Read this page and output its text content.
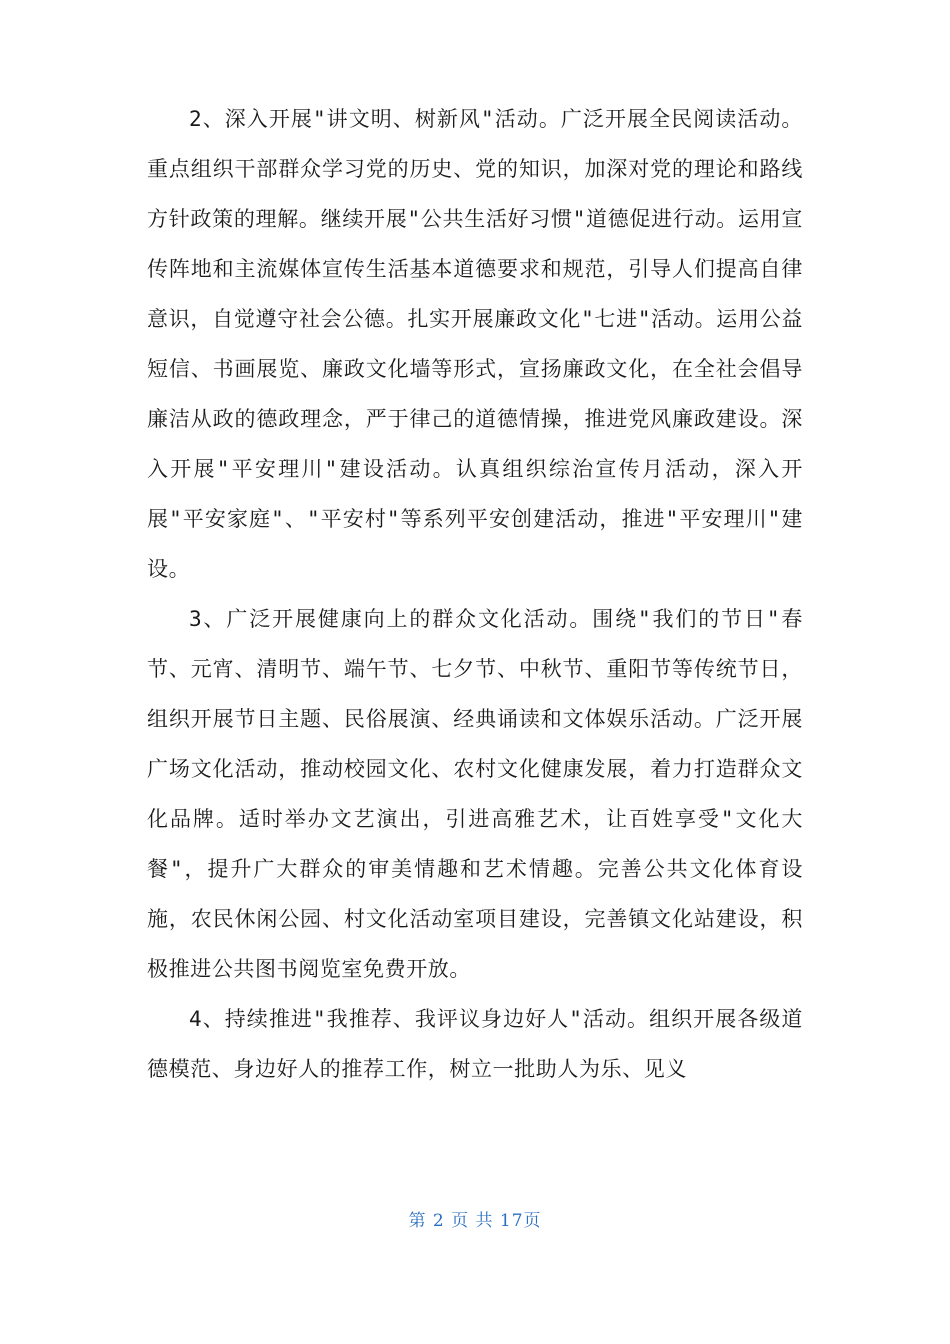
2、深入开展"讲文明、树新风"活动。广泛开展全民阅读活动。重点组织干部群众学习党的历史、党的知识，加深对党的理论和路线方针政策的理解。继续开展"公共生活好习惯"道德促进行动。运用宣传阵地和主流媒体宣传生活基本道德要求和规范，引导人们提高自律意识，自觉遵守社会公德。扎实开展廉政文化"七进"活动。运用公益短信、书画展览、廉政文化墙等形式，宣扬廉政文化，在全社会倡导廉洁从政的德政理念，严于律己的道德情操，推进党风廉政建设。深入开展"平安理川"建设活动。认真组织综治宣传月活动，深入开展"平安家庭"、"平安村"等系列平安创建活动，推进"平安理川"建设。

3、广泛开展健康向上的群众文化活动。围绕"我们的节日"春节、元宵、清明节、端午节、七夕节、中秋节、重阳节等传统节日，组织开展节日主题、民俗展演、经典诵读和文体娱乐活动。广泛开展广场文化活动，推动校园文化、农村文化健康发展，着力打造群众文化品牌。适时举办文艺演出，引进高雅艺术，让百姓享受"文化大餐"，提升广大群众的审美情趣和艺术情趣。完善公共文化体育设施，农民休闲公园、村文化活动室项目建设，完善镇文化站建设，积极推进公共图书阅览室免费开放。

4、持续推进"我推荐、我评议身边好人"活动。组织开展各级道德模范、身边好人的推荐工作，树立一批助人为乐、见义

第 2 页 共 17页
